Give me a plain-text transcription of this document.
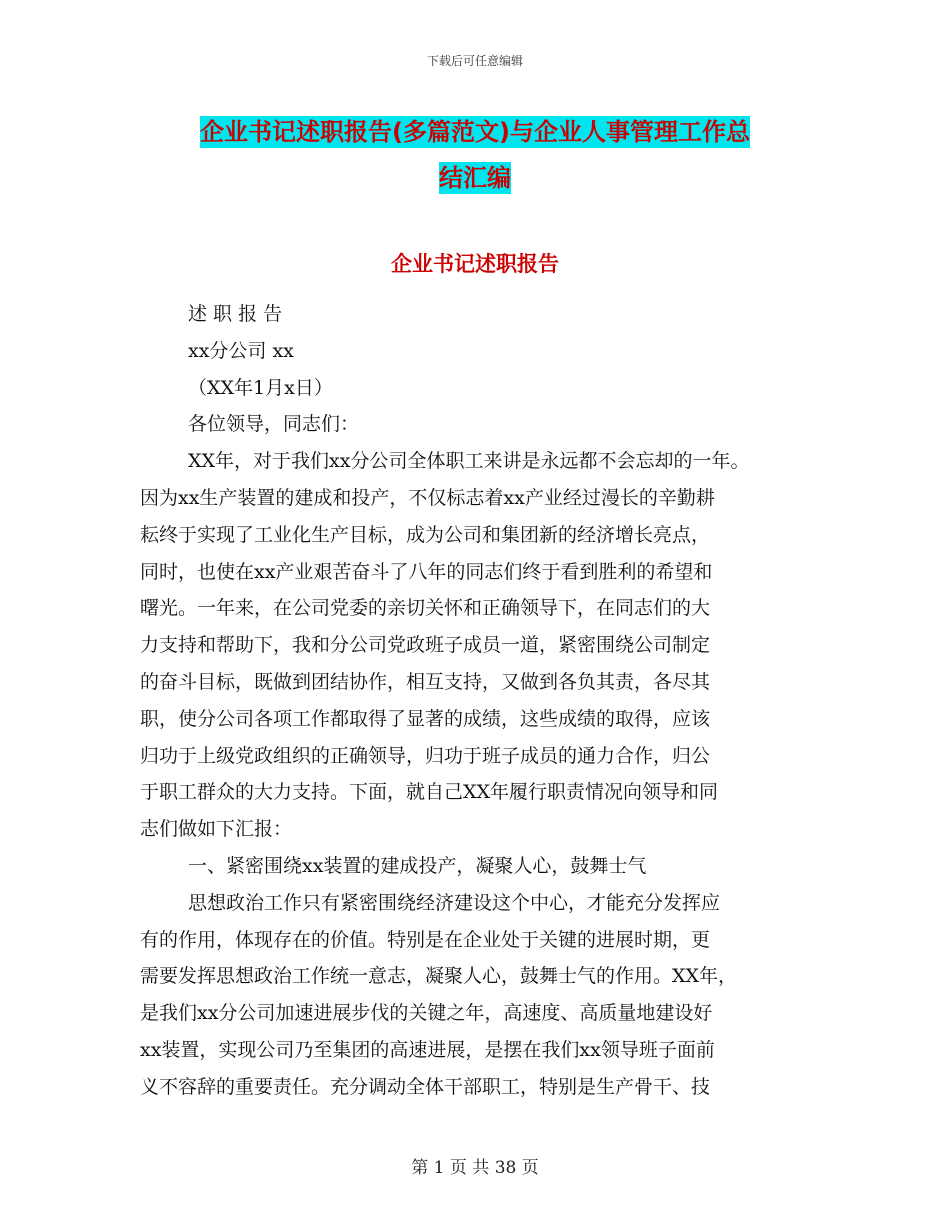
下载后可任意编辑
企业书记述职报告(多篇范文)与企业人事管理工作总
结汇编
企业书记述职报告
述 职 报 告
xx分公司 xx
（XX年1月x日）
各位领导，同志们：
XX年，对于我们xx分公司全体职工来讲是永远都不会忘却的一年。
因为xx生产装置的建成和投产，不仅标志着xx产业经过漫长的辛勤耕
耘终于实现了工业化生产目标，成为公司和集团新的经济增长亮点，
同时，也使在xx产业艰苦奋斗了八年的同志们终于看到胜利的希望和
曙光。一年来，在公司党委的亲切关怀和正确领导下，在同志们的大
力支持和帮助下，我和分公司党政班子成员一道，紧密围绕公司制定
的奋斗目标，既做到团结协作，相互支持，又做到各负其责，各尽其
职，使分公司各项工作都取得了显著的成绩，这些成绩的取得，应该
归功于上级党政组织的正确领导，归功于班子成员的通力合作，归公
于职工群众的大力支持。下面，就自己XX年履行职责情况向领导和同
志们做如下汇报：
一、紧密围绕xx装置的建成投产，凝聚人心，鼓舞士气
思想政治工作只有紧密围绕经济建设这个中心，才能充分发挥应
有的作用，体现存在的价值。特别是在企业处于关键的进展时期，更
需要发挥思想政治工作统一意志，凝聚人心，鼓舞士气的作用。XX年，
是我们xx分公司加速进展步伐的关键之年，高速度、高质量地建设好
xx装置，实现公司乃至集团的高速进展，是摆在我们xx领导班子面前
义不容辞的重要责任。充分调动全体干部职工，特别是生产骨干、技
第 1 页 共 38 页
